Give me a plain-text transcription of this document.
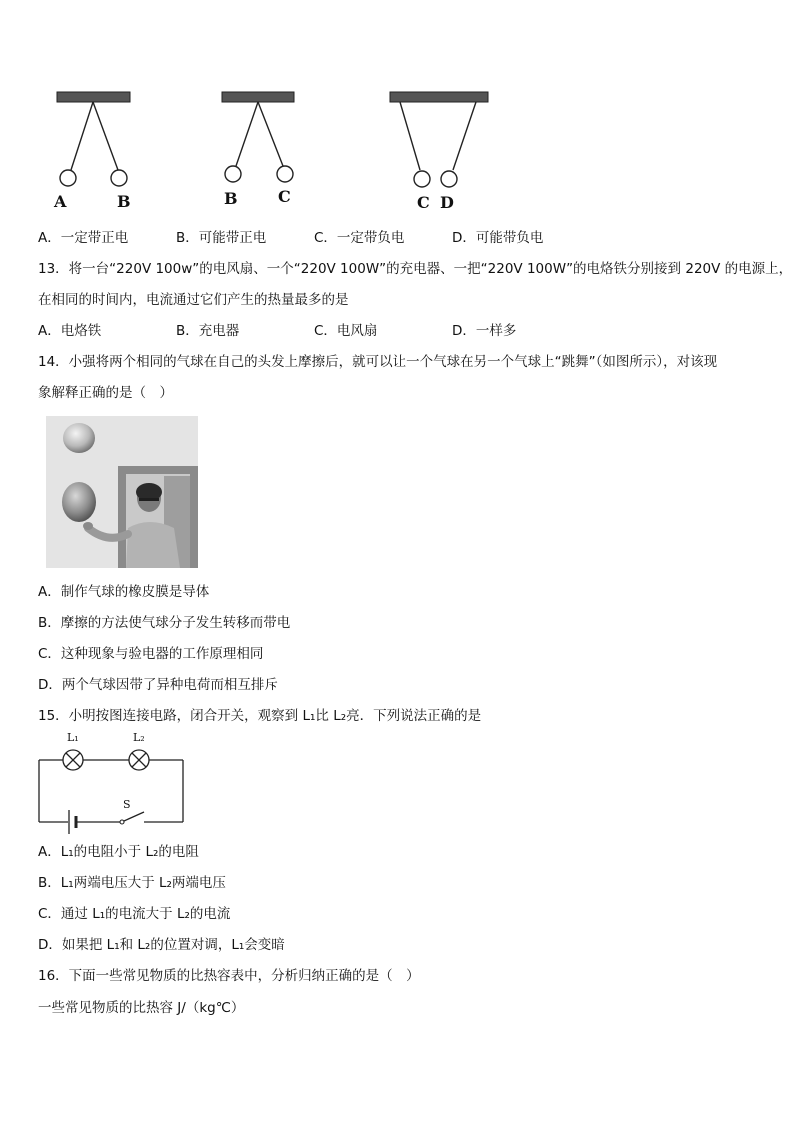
A	B	B	C	C D
A．一定带正电	B．可能带正电	C．一定带负电	D．可能带负电
13．将一台“220V 100w”的电风扇、一个“220V 100W”的充电器、一把“220V 100W”的电烙铁分别接到 220V 的电源上，
在相同的时间内，电流通过它们产生的热量最多的是
A．电烙铁	B．充电器	C．电风扇	D．一样多
14．小强将两个相同的气球在自己的头发上摩擦后，就可以让一个气球在另一个气球上“跳舞”（如图所示），对该现
象解释正确的是（　）
A．制作气球的橡皮膜是导体
B．摩擦的方法使气球分子发生转移而带电
C．这种现象与验电器的工作原理相同
D．两个气球因带了异种电荷而相互排斥
15．小明按图连接电路，闭合开关，观察到 L₁比 L₂亮．下列说法正确的是
L₁	L₂
S
A．L₁的电阻小于 L₂的电阻
B．L₁两端电压大于 L₂两端电压
C．通过 L₁的电流大于 L₂的电流
D．如果把 L₁和 L₂的位置对调，L₁会变暗
16．下面一些常见物质的比热容表中，分析归纳正确的是（　）
一些常见物质的比热容 J/（kg℃）
